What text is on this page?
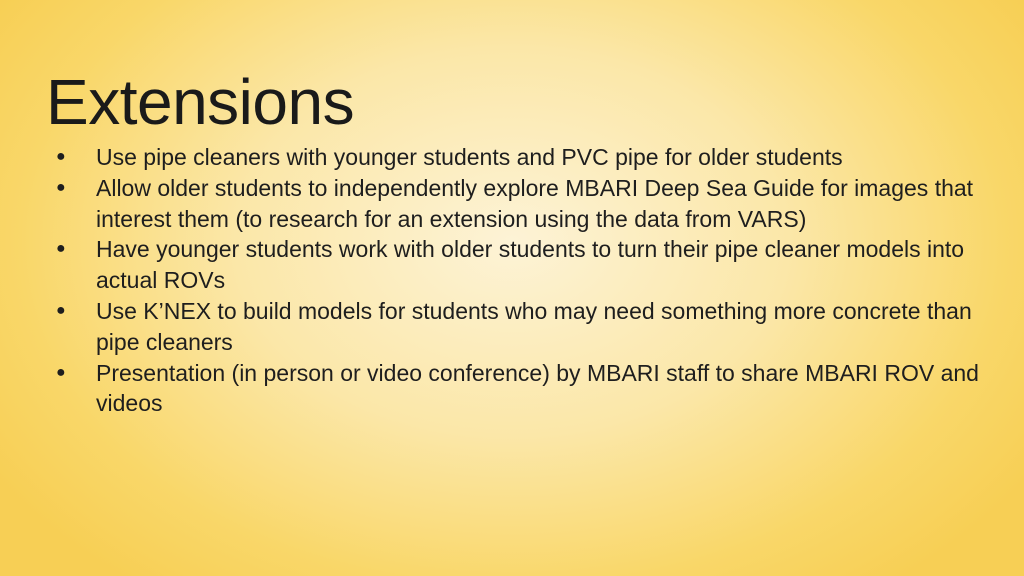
Extensions
● Use pipe cleaners with younger students and PVC pipe for older students
● Allow older students to independently explore MBARI Deep Sea Guide for images that interest them (to research for an extension using the data from VARS)
● Have younger students work with older students to turn their pipe cleaner models into actual ROVs
● Use K’NEX to build models for students who may need something more concrete than pipe cleaners
● Presentation (in person or video conference) by MBARI staff to share MBARI ROV and videos
